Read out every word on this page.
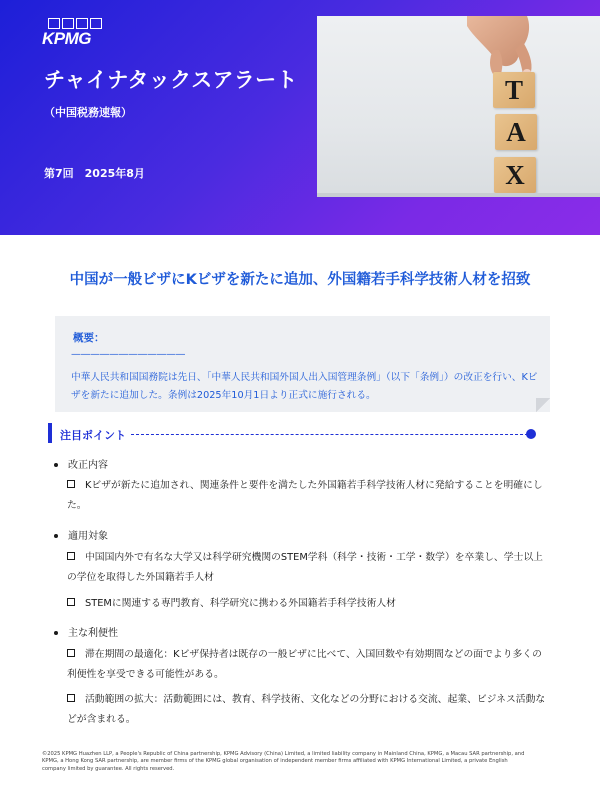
KPMG
チャイナタックスアラート
（中国税務速報）
第7回　2025年8月
T
A
X
中国が一般ビザにKビザを新たに追加、外国籍若手科学技術人材を招致
概要：
————————————
中華人民共和国国務院は先日、「中華人民共和国外国人出入国管理条例」（以下「条例」）の改正を行い、Kビザを新たに追加した。条例は2025年10月1日より正式に施行される。
注目ポイント
改正内容
Kビザが新たに追加され、関連条件と要件を満たした外国籍若手科学技術人材に発給することを明確にした。
適用対象
中国国内外で有名な大学又は科学研究機関のSTEM学科（科学・技術・工学・数学）を卒業し、学士以上の学位を取得した外国籍若手人材
STEMに関連する専門教育、科学研究に携わる外国籍若手科学技術人材
主な利便性
滞在期間の最適化：Kビザ保持者は既存の一般ビザに比べて、入国回数や有効期間などの面でより多くの利便性を享受できる可能性がある。
活動範囲の拡大：活動範囲には、教育、科学技術、文化などの分野における交流、起業、ビジネス活動などが含まれる。
©2025 KPMG Huazhen LLP, a People's Republic of China partnership, KPMG Advisory (China) Limited, a limited liability company in Mainland China, KPMG, a Macau SAR partnership, and KPMG, a Hong Kong SAR partnership, are member firms of the KPMG global organisation of independent member firms affiliated with KPMG International Limited, a private English company limited by guarantee. All rights reserved.
